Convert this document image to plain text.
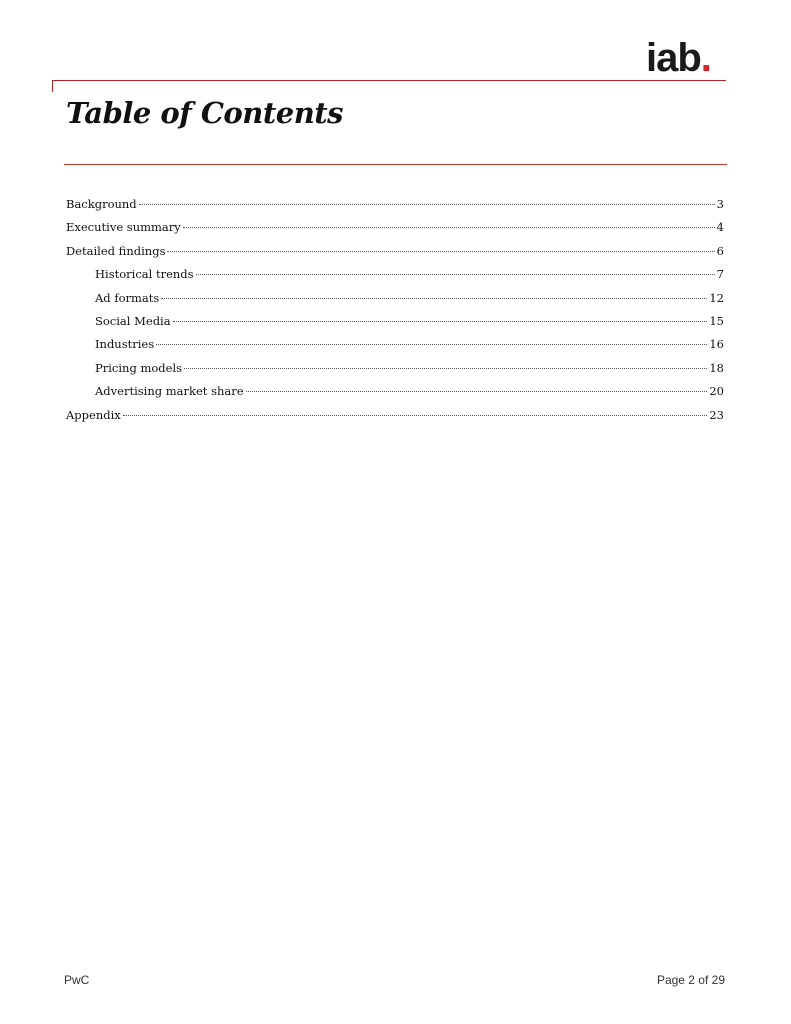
iab.
Table of Contents
Background	3
Executive summary	4
Detailed findings	6
Historical trends	7
Ad formats	12
Social Media	15
Industries	16
Pricing models	18
Advertising market share	20
Appendix	23
PwC	Page 2 of 29
